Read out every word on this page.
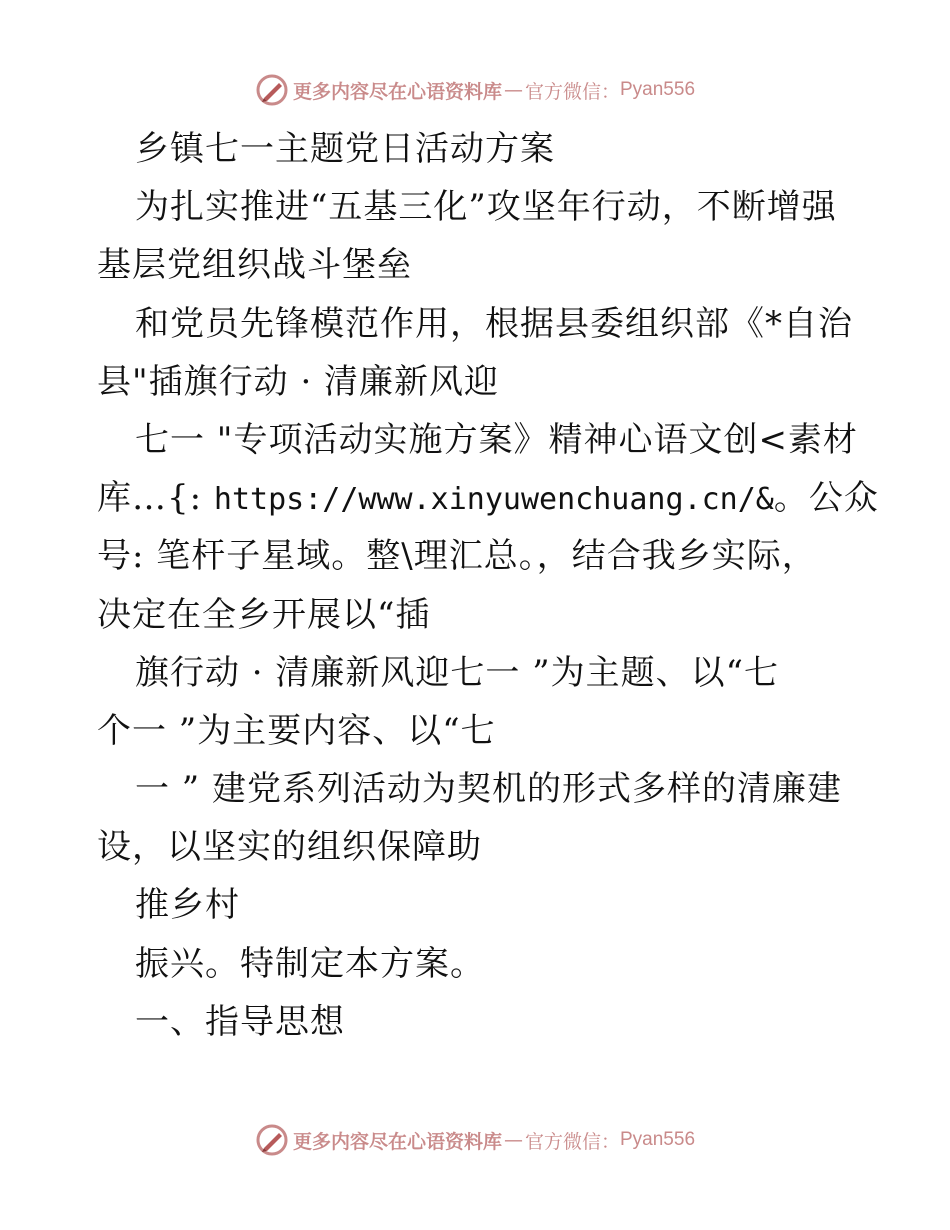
更多内容尽在心语资料库 — 官方微信： Pyan556
乡镇七一主题党日活动方案
为扎实推进“五基三化”攻坚年行动，不断增强
基层党组织战斗堡垒
和党员先锋模范作用，根据县委组织部《*自治
县"插旗行动 · 清廉新风迎
七一 "专项活动实施方案》精神心语文创<素材
库…{: https://www.xinyuwenchuang.cn/&。公众
号: 笔杆子星域。整\理汇总。，结合我乡实际，
决定在全乡开展以“插
旗行动 · 清廉新风迎七一 ”为主题、以“七
个一 ”为主要内容、以“七
一 ” 建党系列活动为契机的形式多样的清廉建
设，以坚实的组织保障助
推乡村
振兴。特制定本方案。
一、指导思想
更多内容尽在心语资料库 — 官方微信： Pyan556
